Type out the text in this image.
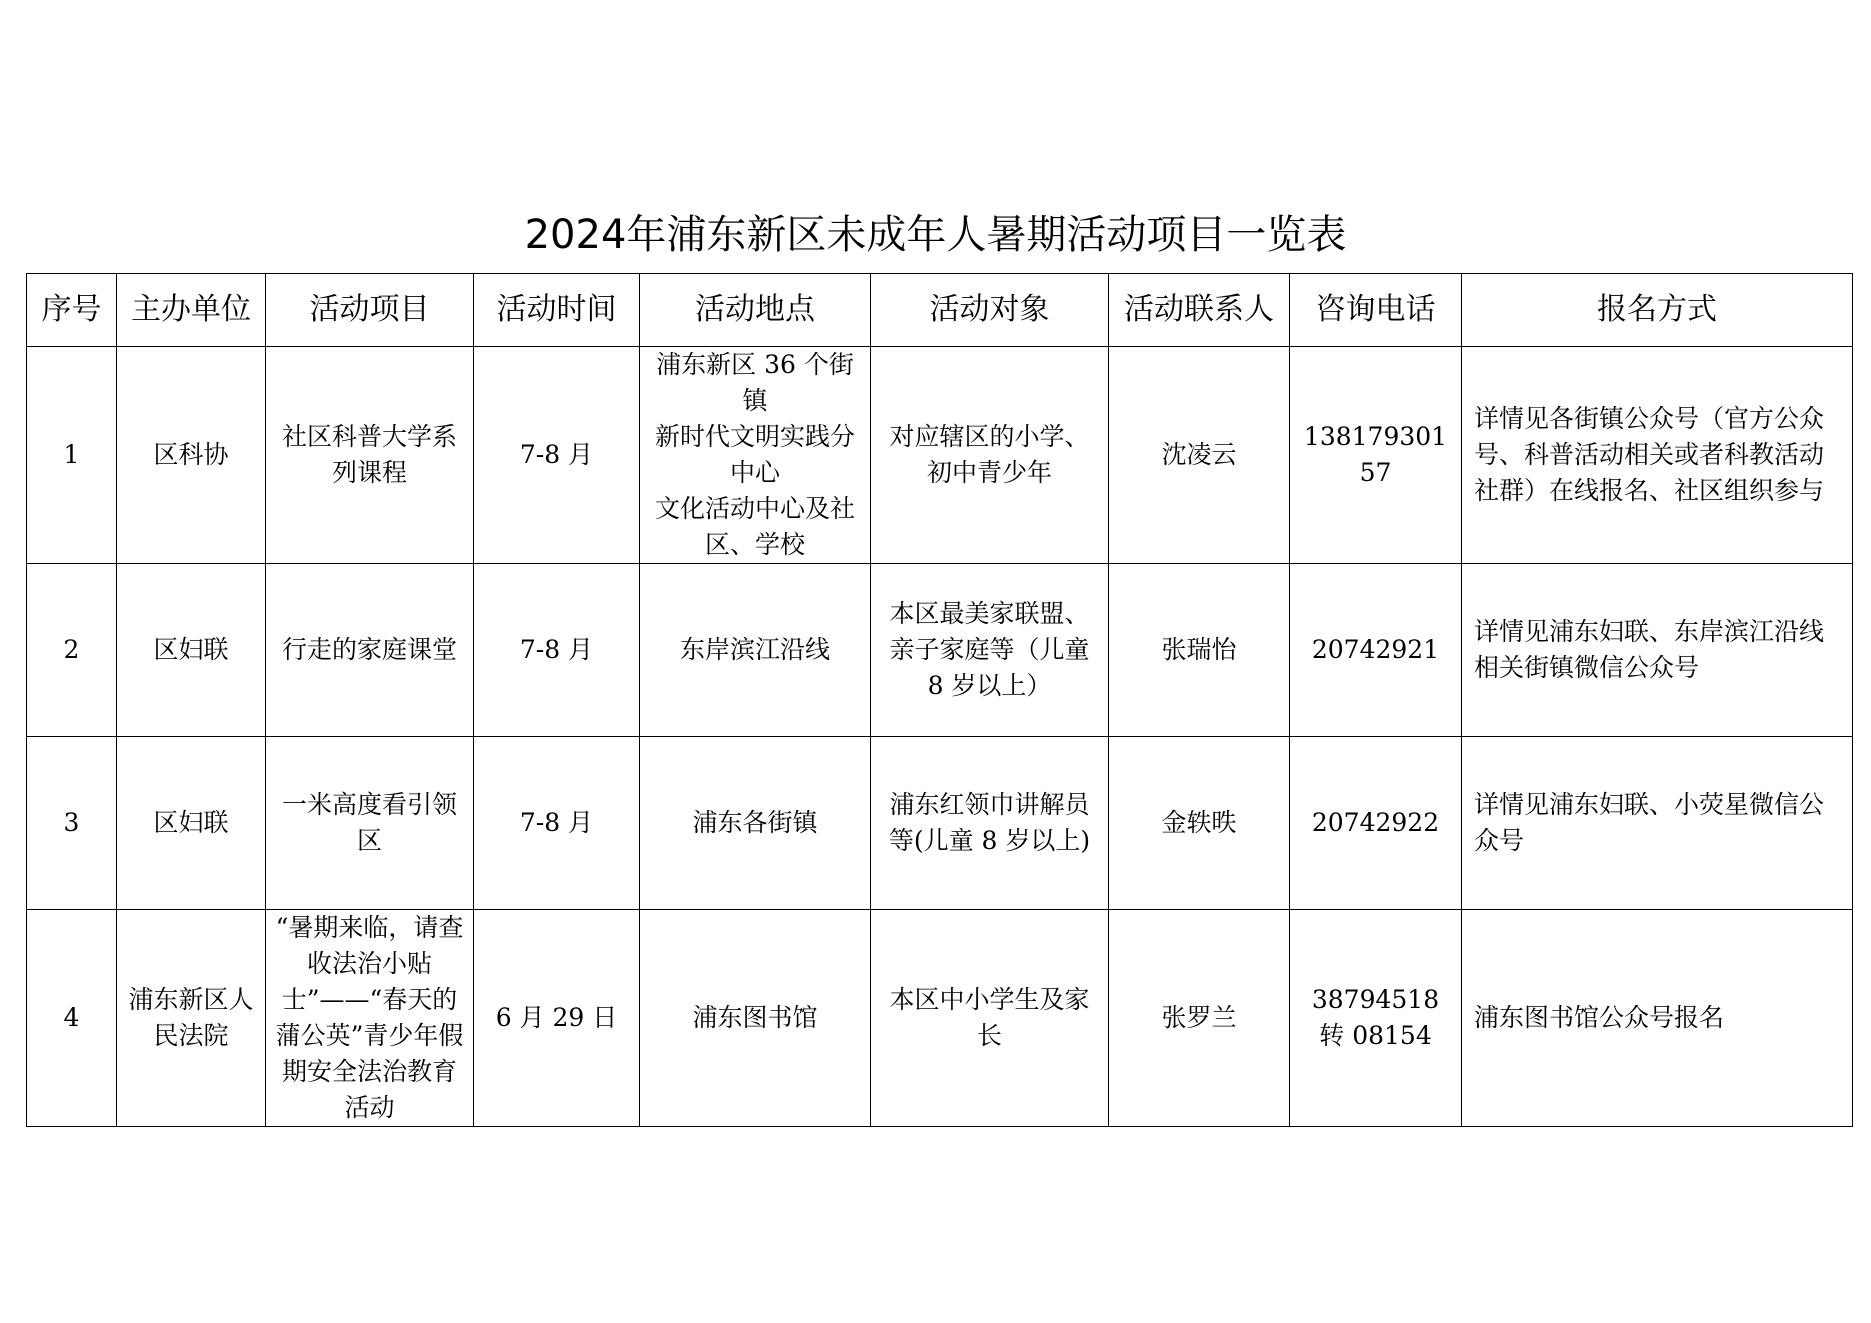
2024年浦东新区未成年人暑期活动项目一览表
序号	主办单位	活动项目	活动时间	活动地点	活动对象	活动联系人	咨询电话	报名方式
1	区科协	社区科普大学系列课程	7-8 月	浦东新区 36 个街镇
新时代文明实践分中心
文化活动中心及社区、学校	对应辖区的小学、初中青少年	沈凌云	13817930157	详情见各街镇公众号（官方公众号、科普活动相关或者科教活动社群）在线报名、社区组织参与
2	区妇联	行走的家庭课堂	7-8 月	东岸滨江沿线	本区最美家联盟、亲子家庭等（儿童 8 岁以上）	张瑞怡	20742921	详情见浦东妇联、东岸滨江沿线相关街镇微信公众号
3	区妇联	一米高度看引领区	7-8 月	浦东各街镇	浦东红领巾讲解员等(儿童 8 岁以上)	金轶昳	20742922	详情见浦东妇联、小荧星微信公众号
4	浦东新区人民法院	“暑期来临，请查收法治小贴士”——“春天的蒲公英”青少年假期安全法治教育活动	6 月 29 日	浦东图书馆	本区中小学生及家长	张罗兰	38794518 转 08154	浦东图书馆公众号报名
